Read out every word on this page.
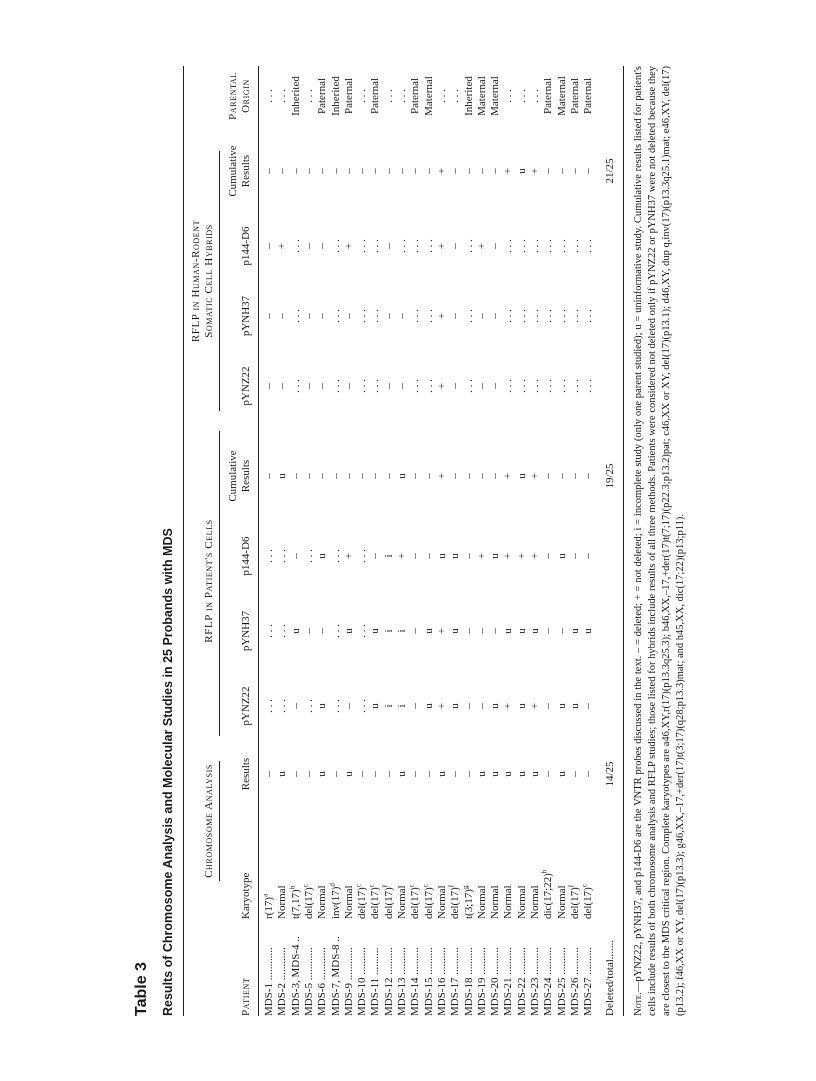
Table 3 Results of Chromosome Analysis and Molecular Studies in 25 Probands with MDS	Chromosome Analysis
RFLP in Patient's Cells
RFLP in Human-Rodent Somatic Cell Hybrids
Patient
Karyotype
Results
pYNZ22
pYNH37
p144-D6
Cumulative Results
pYNZ22
pYNH37
p144-D6
Cumulative Results
Parental Origin
MDS-1 ............
$r(17)^a$
–
. . .
. . .
. . .
–
–
–
–
–
. . .
MDS-2 ............
Normal
u
. . .
. . .
. . .
u
–
–
+
–
. . .
MDS-3, MDS-4 ..
$t(7,17)^b$
–
–
u
–
–
. . .
. . .
. . .
–
Inherited
MDS-5 ............
$del(17)^c$
–
. . .
–
. . .
–
–
–
–
–
. . .
MDS-6 ............
Normal
u
u
–
u
–
–
–
–
–
Paternal
MDS-7, MDS-8 ..
$inv(17)^d$
–
. . .
. . .
. . .
–
. . .
. . .
. . .
–
Inherited
MDS-9 ............
Normal
u
–
u
+
–
–
–
+
–
Paternal
MDS-10 ..........
$del(17)^c$
–
. . .
. . .
. . .
–
. . .
. . .
. . .
–
. . .
MDS-11 ..........
$del(17)^c$
–
u
u
–
–
. . .
. . .
. . .
–
Paternal
MDS-12 ..........
$del(17)^f$
–
i
i
i
–
–
–
–
–
. . .
MDS-13 ..........
Normal
u
i
i
+
u
–
–
. . .
–
. . .
MDS-14 ..........
$del(17)^c$
–
–
–
–
–
. . .
. . .
. . .
–
Paternal
MDS-15 ..........
$del(17)^c$
–
u
u
–
–
. . .
. . .
. . .
–
Maternal
MDS-16 ..........
Normal
u
+
+
u
+
+
+
+
+
. . .
MDS-17 ..........
$del(17)^f$
–
u
u
u
–
–
–
–
–
. . .
MDS-18 ..........
t(3;17)$^g$
–
–
–
–
–
. . .
. . .
. . .
–
Inherited
MDS-19 ..........
Normal
u
–
–
+
–
–
–
+
–
Maternal
MDS-20 ..........
Normal
u
u
–
u
–
–
–
–
–
Maternal
MDS-21 ..........
Normal
u
+
u
+
+
. . .
. . .
. . .
+
. . .
MDS-22 ..........
Normal
u
u
u
+
u
. . .
. . .
. . .
u
. . .
MDS-23 ..........
Normal
u
+
u
+
+
. . .
. . .
. . .
+
. . .
MDS-24 ..........
dic(17;22)$^h$
–
–
–
–
–
. . .
. . .
. . .
–
Paternal
MDS-25 ..........
Normal
u
u
–
u
–
. . .
. . .
. . .
–
Maternal
MDS-26 ..........
$del(17)^f$
–
u
u
–
–
. . .
. . .
. . .
–
Paternal
MDS-27 ..........
$del(17)^c$
–
–
u
–
–
. . .
. . .
. . .
–
Paternal
Deleted/total.......
14/25
19/25
21/25
Note.—pYNZ22, pYNH37, and p144-D6 are the VNTR probes discussed in the text. – = deleted; + = not deleted; i = incomplete study (only one parent studied); u = uninformative study. Cumulative results listed for patient's cells include results of both chromosome analysis and RFLP studies; those listed for hybrids include results of all three methods. Patients were considered not deleted only if pYNZ22 or pYNH37 were not deleted because they are closest to the MDS critical region. Complete karyotypes are a46,XY,r(17)(p13.3q25.3); b46,XX,–17,+der(17)t(7;17)(p22.3;p13.2)pat; c46,XX or XY, del(17)(p13.1); d46,XY, dup q,inv(17)(p13.3q25.1)mat; e46,XY, del(17)(p13.2); f46,XX or XY, del(17)(p13.3); g46,XX,–17,+der(17)t(3;17)(q28;p13.3)mat; and h45,XX, dic(17;22)(p13;p11).
